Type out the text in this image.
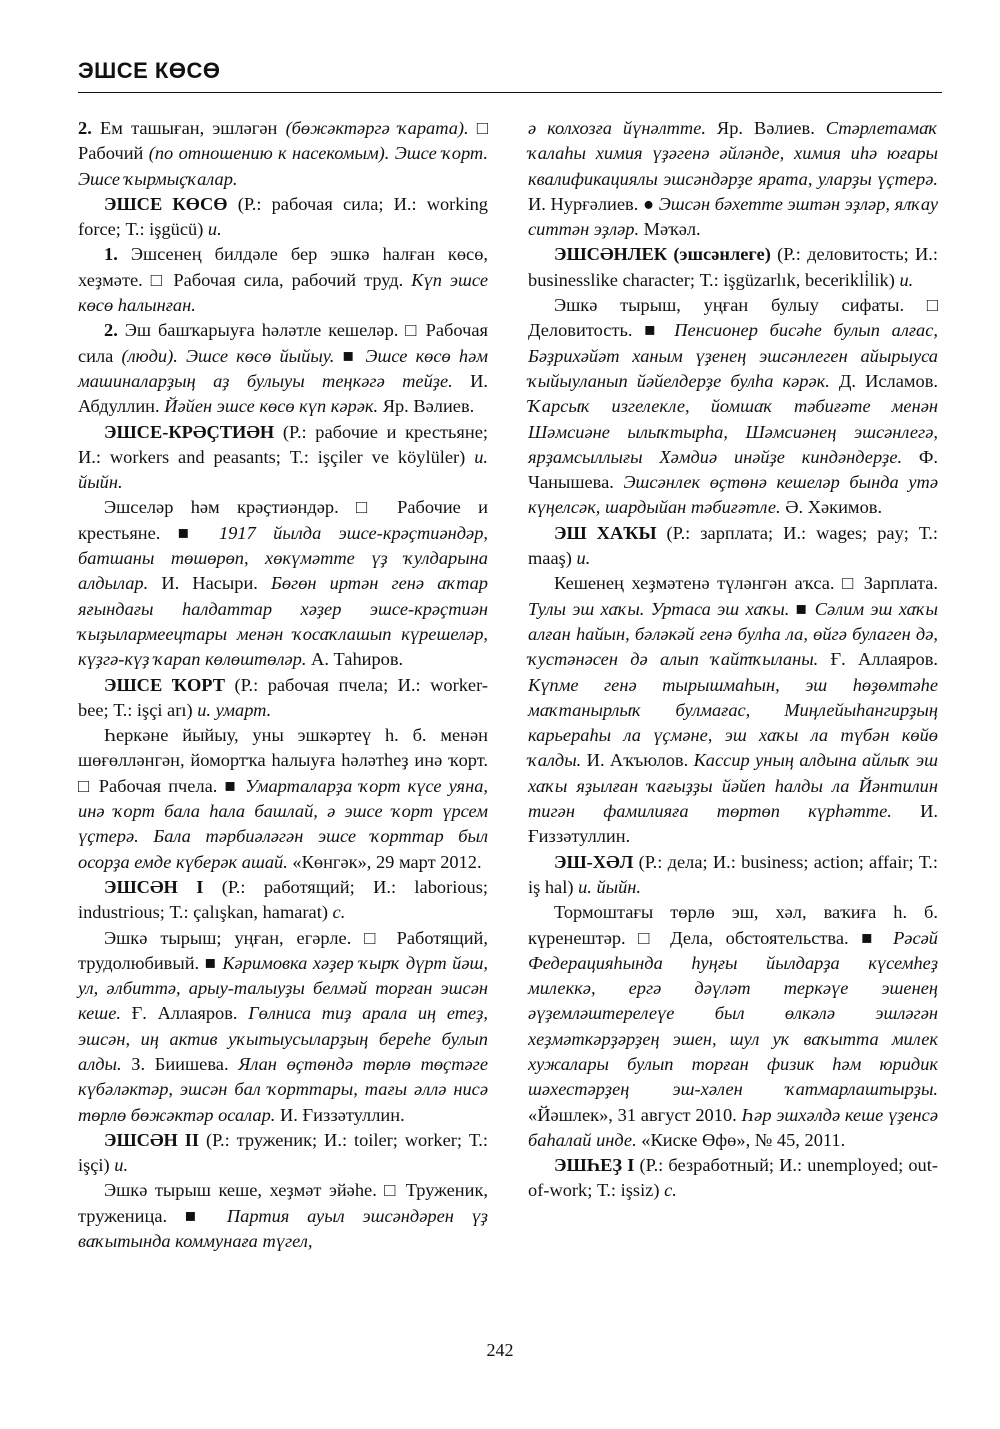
ЭШСЕ КӨСӨ

2. Ем ташыған, эшләгән (бөжәктәргә ҡарата). □ Рабочий (по отношению к насекомым). Эшсе ҡорт. Эшсе ҡырмыҫҡалар.

ЭШСЕ КӨСӨ (Р.: рабочая сила; И.: working force; Т.: işgücü) и.

1. Эшсенең билдәле бер эшкә һалған көсө, хеҙмәте. □ Рабочая сила, рабочий труд. Күп эшсе көсө һалынған.

2. Эш башҡарыуға һәләтле кешеләр. □ Рабочая сила (люди). Эшсе көсө йыйыу. ■ Эшсе көсө һәм машиналарҙың аҙ булыуы теңкәгә тейҙе. И. Абдуллин. Йәйен эшсе көсө күп кәрәк. Яр. Вәлиев.

ЭШСЕ-КРӘҪТИӘН (Р.: рабочие и крестьяне; И.: workers and peasants; Т.: işçiler ve köylüler) и. йыйн.

Эшселәр һәм крәҫтиәндәр. □ Рабочие и крестьяне. ■ 1917 йылда эшсе-крәҫтиәндәр, батшаны төшөрөп, хөкүмәтте үҙ ҡулдарына алдылар. И. Насыри. Бөгөн иртән генә аҡтар яғындағы һалдаттар хәҙер эшсе-крәҫтиән ҡыҙылармеецтары менән ҡосаҡлашып күрешеләр, күҙгә-күҙ ҡарап көлөштөләр. А. Таһиров.

ЭШСЕ ҠОРТ (Р.: рабочая пчела; И.: worker-bee; Т.: işçi arı) и. умарт.

Һеркәне йыйыу, уны эшкәртеү һ. б. менән шөғөлләнгән, йомортҡа һалыуға һәләтһеҙ инә ҡорт. □ Рабочая пчела. ■ Умарталарҙа ҡорт күсе уяна, инә ҡорт бала һала башлай, ә эшсе ҡорт үрсем үҫтерә. Бала тәрбиәләгән эшсе ҡорттар был осорҙа емде күберәк ашай. «Көнгәк», 29 март 2012.

ЭШСӘН I (Р.: работящий; И.: laborious; industrious; Т.: çalışkan, hamarat) с.

Эшкә тырыш; уңған, егәрле. □ Работящий, трудолюбивый. ■ Кәримовка хәҙер ҡырҡ дүрт йәш, ул, әлбиттә, арыу-талыуҙы белмәй торған эшсән кеше. Ғ. Аллаяров. Гөлниса тиҙ арала иң етеҙ, эшсән, иң актив уҡытыусыларҙың береһе булып алды. З. Биишева. Ялан өҫтөндә төрлө төҫтәге күбәләктәр, эшсән бал ҡорттары, тағы әллә нисә төрлө бөжәктәр осалар. И. Ғиззәтуллин.

ЭШСӘН II (Р.: труженик; И.: toiler; worker; Т.: işçi) и.

Эшкә тырыш кеше, хеҙмәт эйәһе. □ Труженик, труженица. ■ Партия ауыл эшсәндәрен үҙ ваҡытында коммунаға түгел,

ә колхозға йүнәлтте. Яр. Вәлиев. Стәрлетамаҡ ҡалаһы химия үҙәгенә әйләнде, химия иһә юғары квалификациялы эшсәндәрҙе ярата, уларҙы үҫтерә. И. Нурғәлиев. ● Эшсән бәхетте эштән эҙләр, ялҡау ситтән эҙләр. Мәҡәл.

ЭШСӘНЛЕК (эшсәнлеге) (Р.: деловитость; И.: businesslike character; Т.: işgüzarlık, becerikli̇lik) и.

Эшкә тырыш, уңған булыу сифаты. □ Деловитость. ■ Пенсионер бисәһе булып алғас, Бәҙрихәйәт ханым үҙенең эшсәнлеген айырыуса ҡыйыуланып йәйелдерҙе булһа кәрәк. Д. Исламов. Ҡарсыҡ изгелекле, йомшаҡ тәбиғәте менән Шәмсиәне ылыҡтырһа, Шәмсиәнең эшсәнлегә, ярҙамсыллығы Хәмдиә инәйҙе киндәндерҙе. Ф. Чанышева. Эшсәнлек өҫтөнә кешеләр бында утә күңелсәк, шардыйан тәбиғәтле. Ә. Хәкимов.

ЭШ ХАҠЫ (Р.: зарплата; И.: wages; pay; Т.: maaş) и.

Кешенең хеҙмәтенә түләнгән аҡса. □ Зарплата. Тулы эш хаҡы. Уртаса эш хаҡы. ■ Сәлим эш хаҡы алған һайын, бәләкәй генә булһа ла, өйгә булаген дә, ҡустәнәсен дә алып ҡайтҡыланы. Ғ. Аллаяров. Күпме генә тырышмаһын, эш һөҙөмтәһе маҡтанырлыҡ булмағас, Миңлейыһангирҙың карьераһы ла үҫмәне, эш хаҡы ла түбән көйө ҡалды. И. Аҡъюлов. Кассир уның алдына айлыҡ эш хаҡы яҙылған ҡағыҙҙы йәйеп һалды ла Йәнтилин тигән фамилияға төртөп күрһәтте. И. Ғиззәтуллин.

ЭШ-ХӘЛ (Р.: дела; И.: business; action; affair; Т.: iş hal) и. йыйн.

Тормоштағы төрлө эш, хәл, ваҡиға һ. б. күренештәр. □ Дела, обстоятельства. ■ Рәсәй Федерацияһында һуңғы йылдарҙа күсемһеҙ милеккә, ергә дәүләт теркәүе эшенең әүҙемләштерелеүе был өлкәлә эшләгән хеҙмәткәрҙәрҙең эшен, шул уҡ ваҡытта милек хужалары булып торған физик һәм юридик шәхестәрҙең эш-хәлен ҡатмарлаштырҙы. «Йәшлек», 31 август 2010. Һәр эшхәлдә кеше үҙенсә баһалай инде. «Киске Өфө», № 45, 2011.

ЭШҺЕҘ I (Р.: безработный; И.: unemployed; out-of-work; Т.: işsiz) с.

242
